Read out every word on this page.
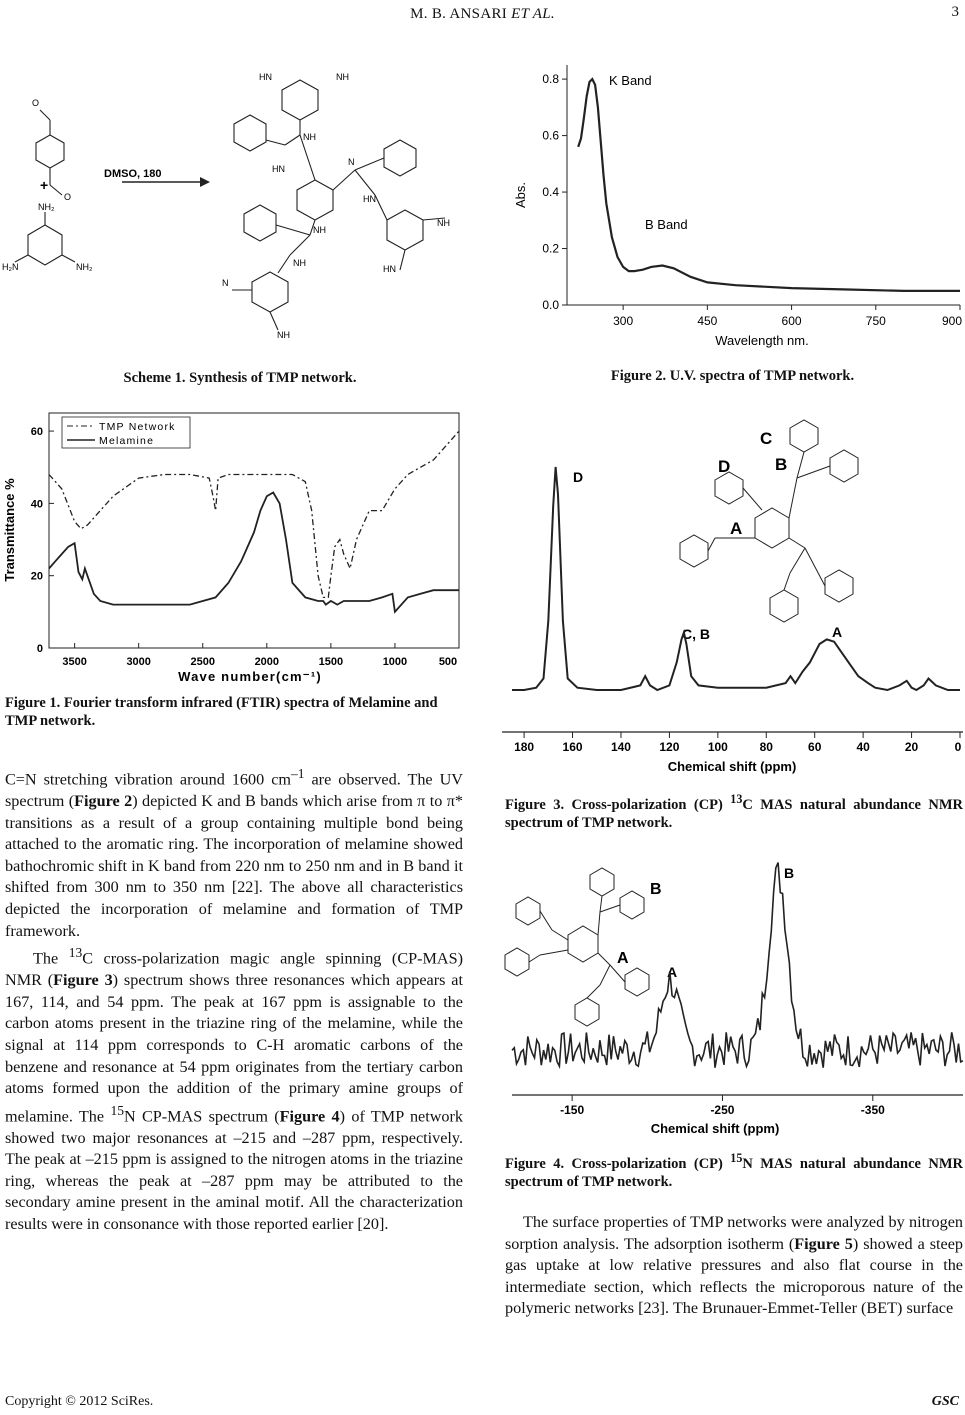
M. B. ANSARI ET AL.	3
O
O
+
NH₂
H₂N	NH₂
DMSO, 180
HN	NH
NH
HN
N
HN
NH
NH
NH
HN
N
NH
Scheme 1. Synthesis of TMP network.
0.0
0.2
0.4
0.6
0.8
300	450	600	750	900
K Band
B Band
Wavelength nm.
Abs.
Figure 2. U.V. spectra of TMP network.
0
20
40
60
3500	3000	2500	2000	1500	1000	500
TMP Network
Melamine
Wave number(cm⁻¹)
Transmittance %
Figure 1. Fourier transform infrared (FTIR) spectra of Melamine and TMP network.
C
B
D
A
D
C, B	A
180 160 140 120 100	80	60	40	20	0
Chemical shift (ppm)
Figure 3. Cross-polarization (CP) $^{13}$C MAS natural abundance NMR spectrum of TMP network.
B
A
A
B
-150	-250	-350
Chemical shift (ppm)
Figure 4. Cross-polarization (CP) $^{15}$N MAS natural abundance NMR spectrum of TMP network.

C=N stretching vibration around 1600 $cm^{-1}$ are observed. The UV spectrum (Figure 2) depicted K and B bands which arise from π to π* transitions as a result of a group containing multiple bond being attached to the aromatic ring. The incorporation of melamine showed bathochromic shift in K band from 220 nm to 250 nm and in B band it shifted from 300 nm to 350 nm [22]. The above all characteristics depicted the incorporation of melamine and formation of TMP framework.

The $^{13}$C cross-polarization magic angle spinning (CP-MAS) NMR (Figure 3) spectrum shows three resonances which appears at 167, 114, and 54 ppm. The peak at 167 ppm is assignable to the carbon atoms present in the triazine ring of the melamine, while the signal at 114 ppm corresponds to C-H aromatic carbons of the benzene and resonance at 54 ppm originates from the tertiary carbon atoms formed upon the addition of the primary amine groups of melamine. The $^{15}$N CP-MAS spectrum (Figure 4) of TMP network showed two major resonances at –215 and –287 ppm, respectively. The peak at –215 ppm is assigned to the nitrogen atoms in the triazine ring, whereas the peak at –287 ppm may be attributed to the secondary amine present in the aminal motif. All the characterization results were in consonance with those reported earlier [20].	The surface properties of TMP networks were analyzed by nitrogen sorption analysis. The adsorption isotherm (Figure 5) showed a steep gas uptake at low relative pressures and also flat course in the intermediate section, which reflects the microporous nature of the polymeric networks [23]. The Brunauer-Emmet-Teller (BET) surface

Copyright © 2012 SciRes.	GSC
